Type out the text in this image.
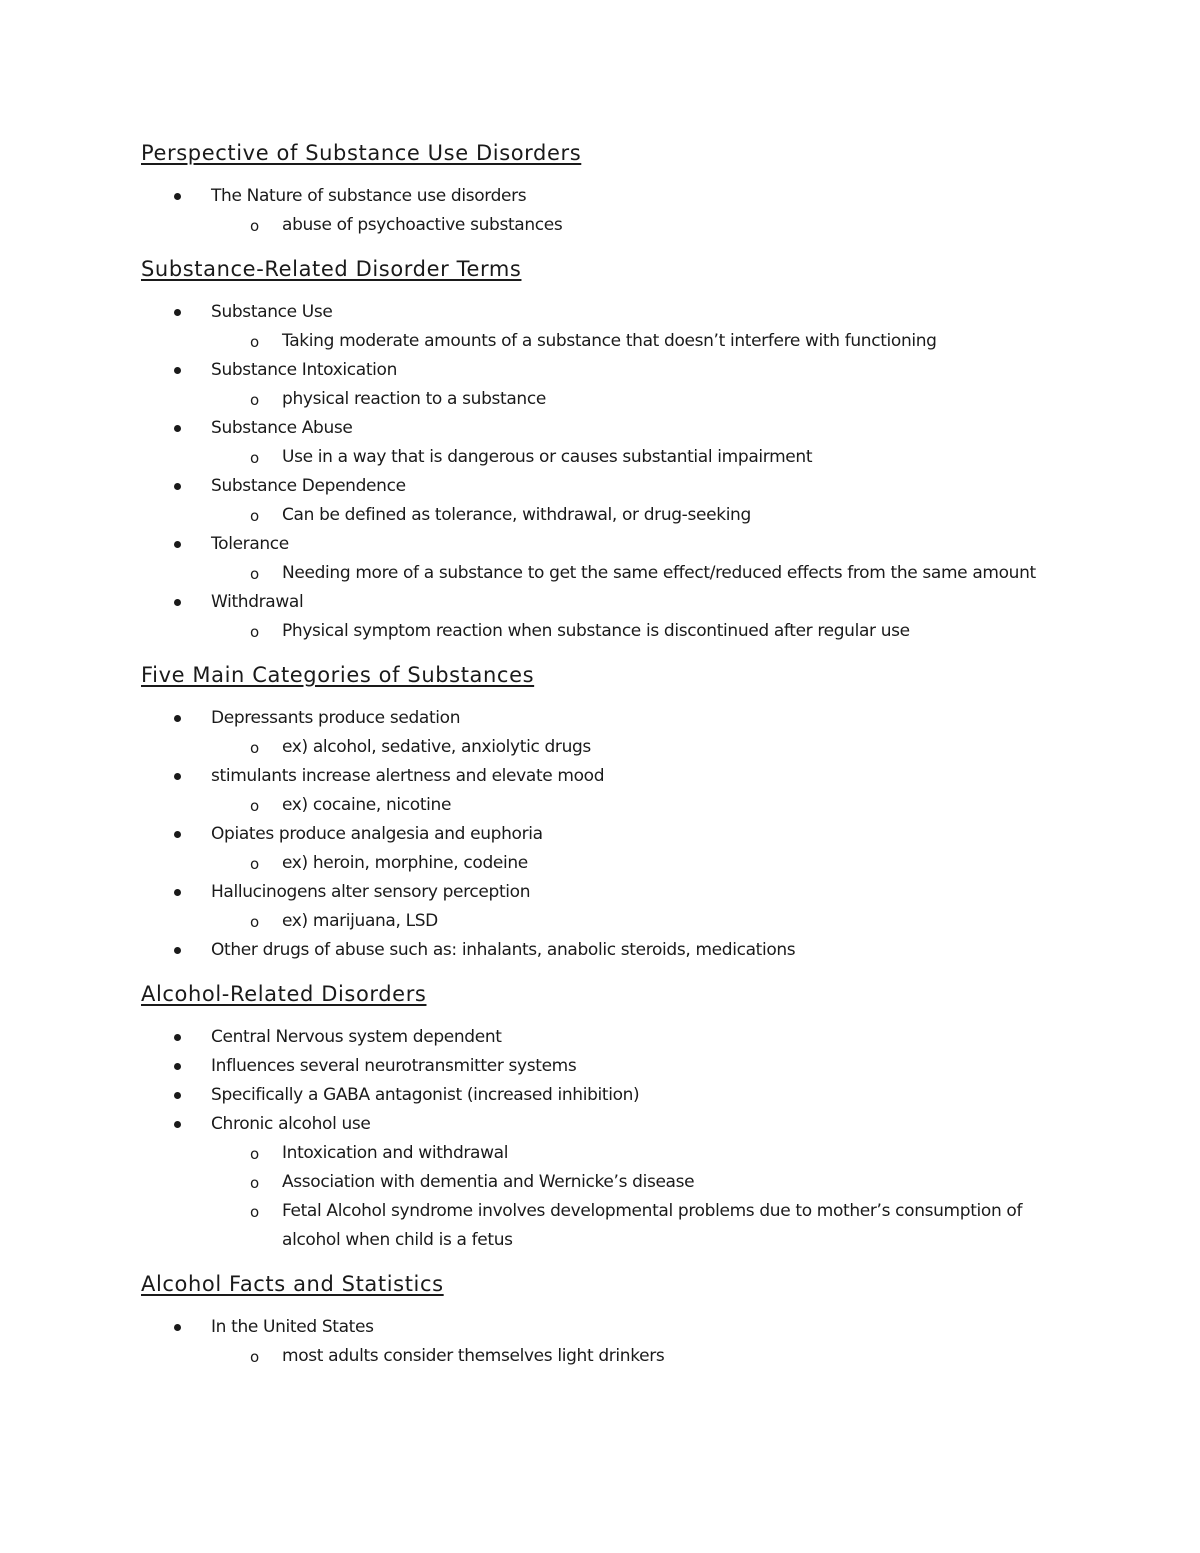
Perspective of Substance Use Disorders
The Nature of substance use disorders
o abuse of psychoactive substances
Substance-Related Disorder Terms
Substance Use
o Taking moderate amounts of a substance that doesn’t interfere with functioning
Substance Intoxication
o physical reaction to a substance
Substance Abuse
o Use in a way that is dangerous or causes substantial impairment
Substance Dependence
o Can be defined as tolerance, withdrawal, or drug-seeking
Tolerance
o Needing more of a substance to get the same effect/reduced effects from the same amount
Withdrawal
o Physical symptom reaction when substance is discontinued after regular use
Five Main Categories of Substances
Depressants produce sedation
o ex) alcohol, sedative, anxiolytic drugs
stimulants increase alertness and elevate mood
o ex) cocaine, nicotine
Opiates produce analgesia and euphoria
o ex) heroin, morphine, codeine
Hallucinogens alter sensory perception
o ex) marijuana, LSD
Other drugs of abuse such as: inhalants, anabolic steroids, medications
Alcohol-Related Disorders
Central Nervous system dependent
Influences several neurotransmitter systems
Specifically a GABA antagonist (increased inhibition)
Chronic alcohol use
o Intoxication and withdrawal
o Association with dementia and Wernicke’s disease
o Fetal Alcohol syndrome involves developmental problems due to mother’s consumption of alcohol when child is a fetus
Alcohol Facts and Statistics
In the United States
o most adults consider themselves light drinkers
